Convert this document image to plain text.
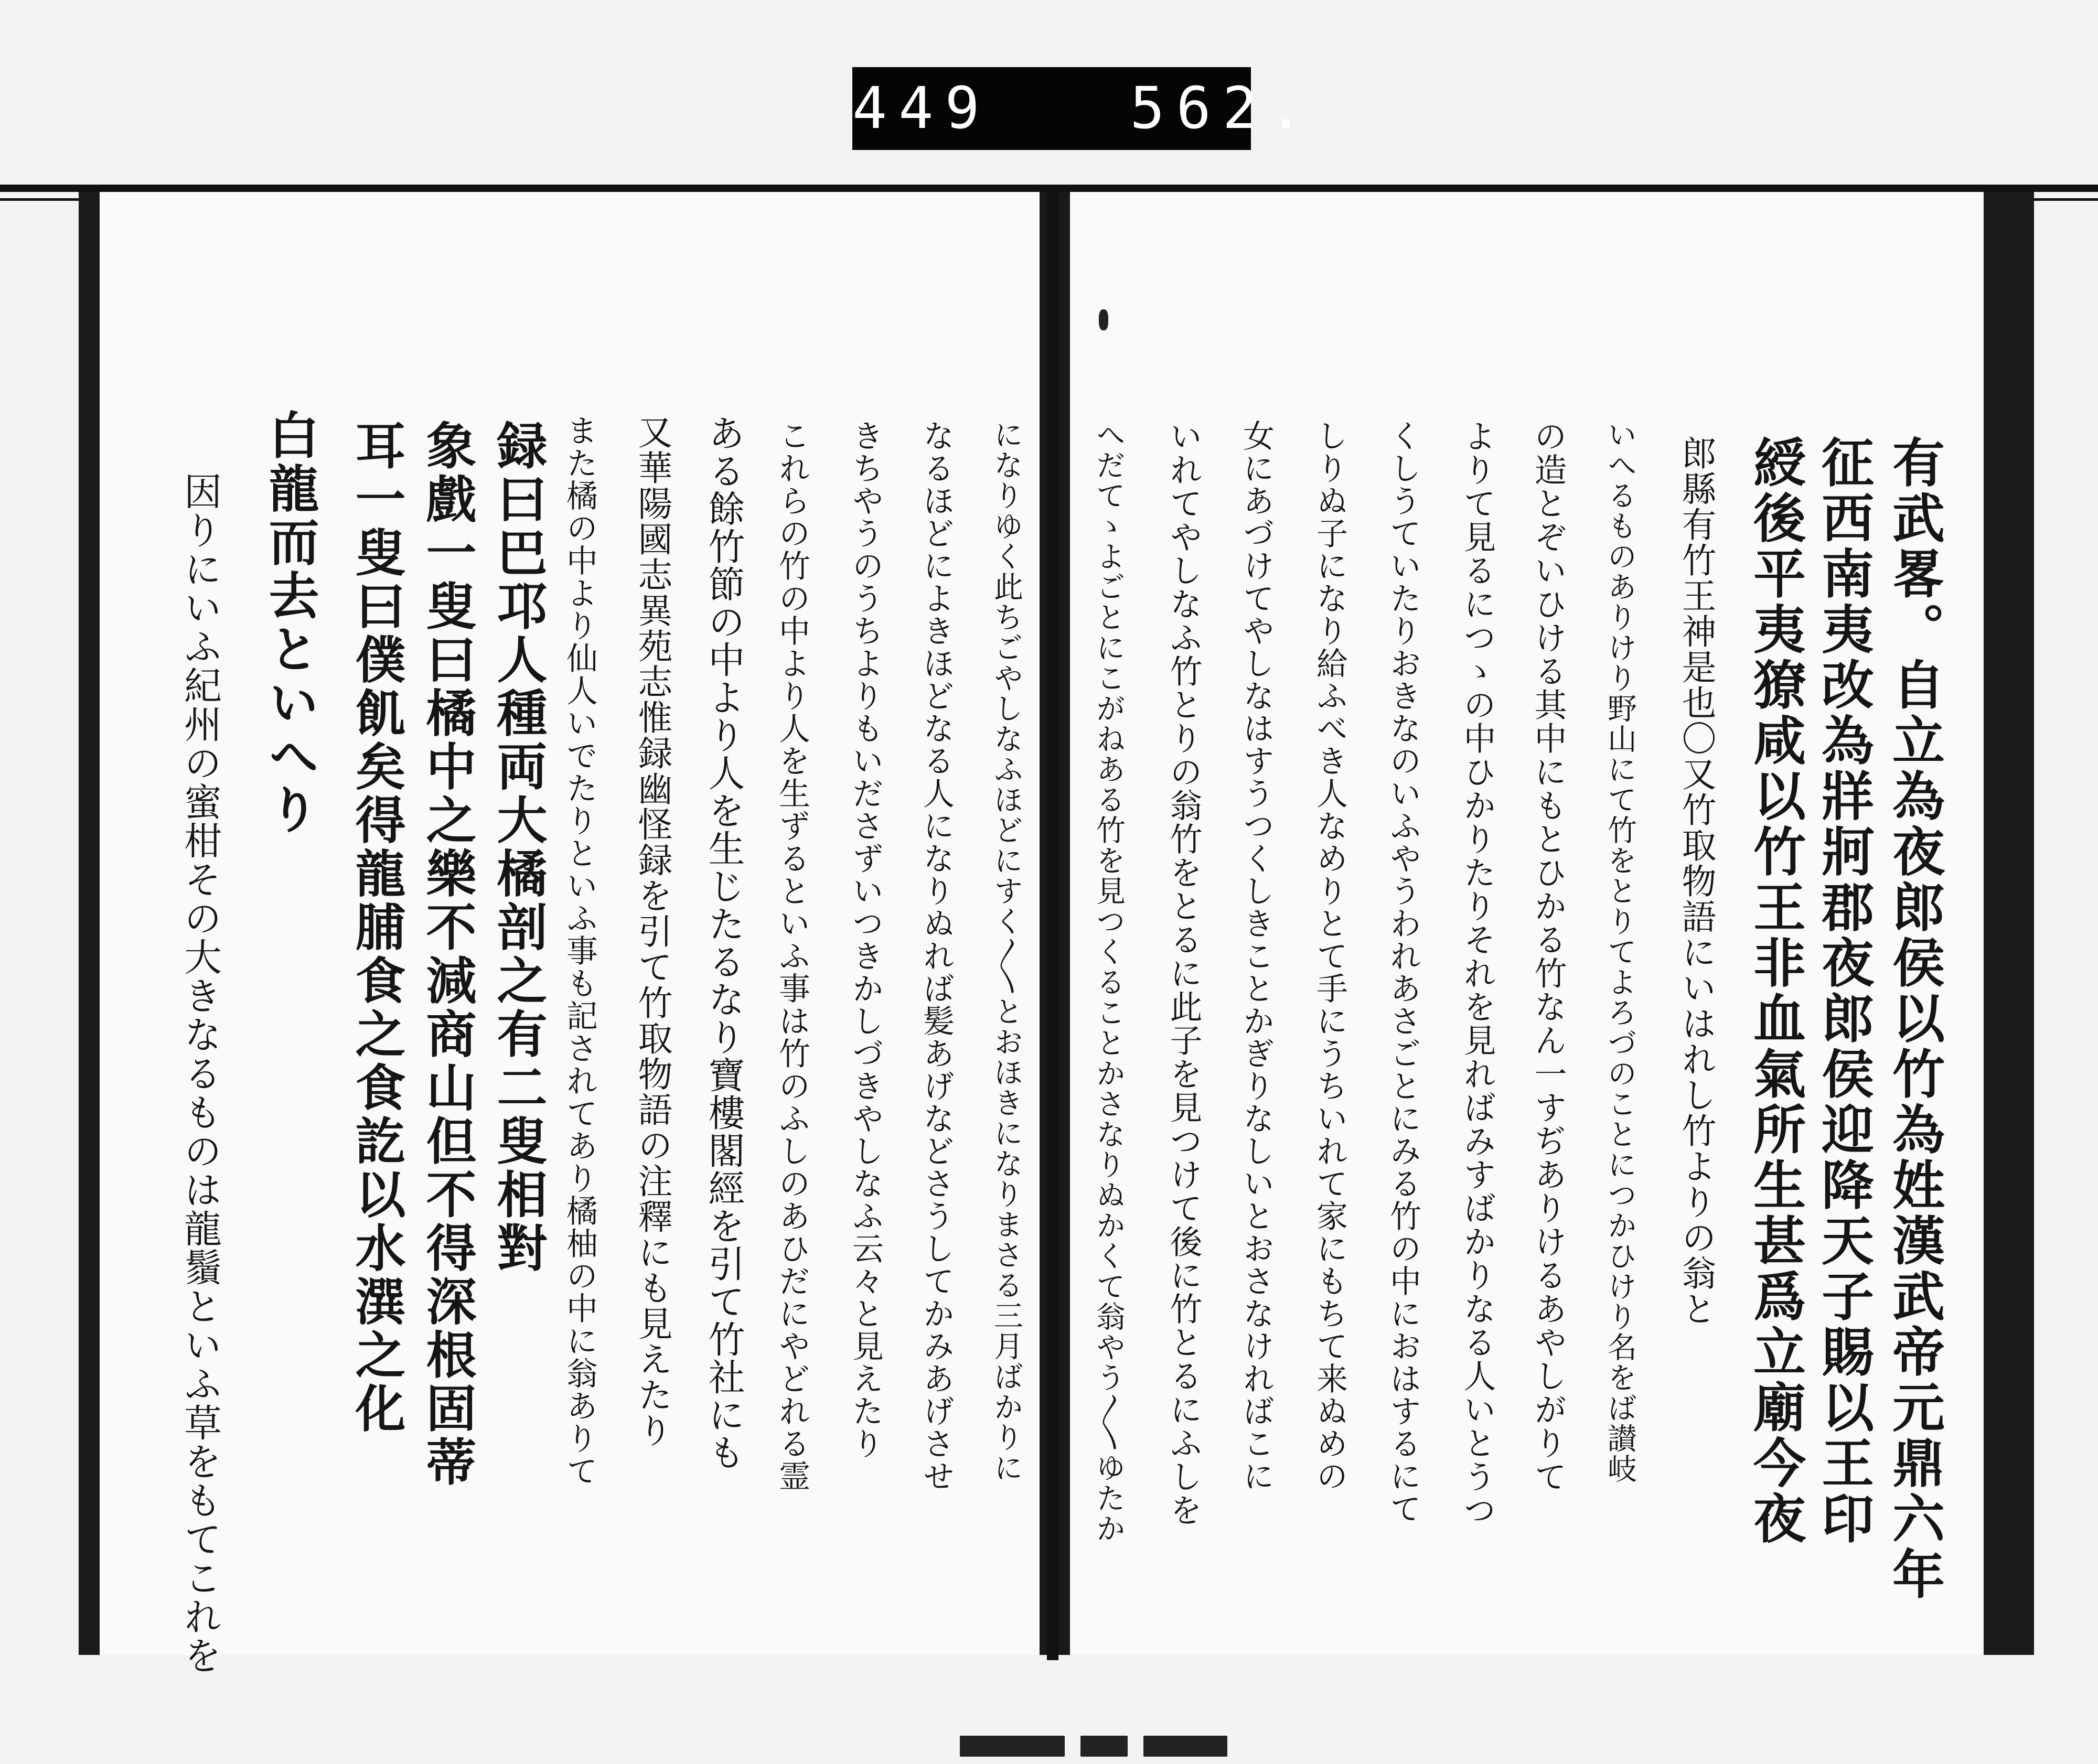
449   562.
有武畧。自立為夜郎侯以竹為姓漢武帝元鼎六年
征西南夷改為牂牁郡夜郎侯迎降天子賜以王印
綬後平夷獠咸以竹王非血氣所生甚爲立廟今夜
郎縣有竹王神是也〇又竹取物語にいはれし竹よりの翁と
いへるものありけり野山にて竹をとりてよろづのことにつかひけり名をば讃岐
の造とぞいひける其中にもとひかる竹なん一すぢありけるあやしがりて
よりて見るにつゝの中ひかりたりそれを見ればみすばかりなる人いとうつ
くしうていたりおきなのいふやうわれあさごとにみる竹の中におはするにて
しりぬ子になり給ふべき人なめりとて手にうちいれて家にもちて来ぬめの
女にあづけてやしなはすうつくしきことかぎりなしいとおさなければこに
いれてやしなふ竹とりの翁竹をとるに此子を見つけて後に竹とるにふしを
へだてゝよごとにこがねある竹を見つくることかさなりぬかくて翁やう〳〵ゆたか
になりゆく此ちごやしなふほどにすく〳〵とおほきになりまさる三月ばかりに
なるほどによきほどなる人になりぬれば髪あげなどさうしてかみあげさせ
きちやうのうちよりもいださずいつきかしづきやしなふ云々と見えたり
これらの竹の中より人を生ずるといふ事は竹のふしのあひだにやどれる霊
ある餘竹節の中より人を生じたるなり寶樓閣經を引て竹社にも
又華陽國志異苑志惟録幽怪録を引て竹取物語の注釋にも見えたり
また橘の中より仙人いでたりといふ事も記されてあり橘柚の中に翁ありて
録曰巴邛人種両大橘剖之有二叟相對
象戲一叟曰橘中之樂不減商山但不得深根固蒂
耳一叟曰僕飢矣得龍脯食之食訖以水潠之化
白龍而去といへり
因りにいふ紀州の蜜柑その大きなるものは龍鬚といふ草をもてこれを
